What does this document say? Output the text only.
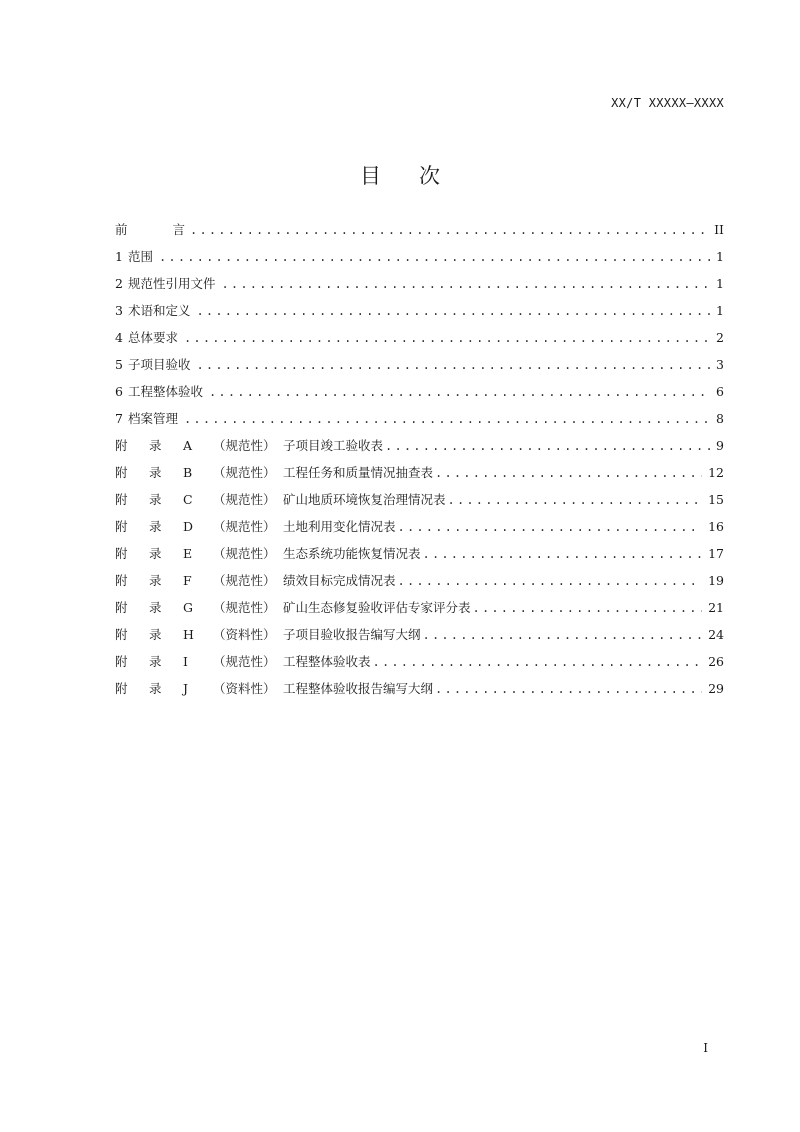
XX/T XXXXX—XXXX
目次
前言 .....	II
1 范围 .....	1
2 规范性引用文件 .....	1
3 术语和定义 .....	1
4 总体要求 .....	2
5 子项目验收 .....	3
6 工程整体验收 .....	6
7 档案管理 .....	8
附	录	A	（规范性） 子项目竣工验收表 .....	9
附	录	B	（规范性） 工程任务和质量情况抽查表 .....	12
附	录	C	（规范性） 矿山地质环境恢复治理情况表 .....	15
附	录	D	（规范性） 土地利用变化情况表 .....	16
附	录	E	（规范性） 生态系统功能恢复情况表 .....	17
附	录	F	（规范性） 绩效目标完成情况表 .....	19
附	录	G	（规范性） 矿山生态修复验收评估专家评分表 .....	21
附	录	H	（资料性） 子项目验收报告编写大纲 .....	24
附	录	I	（规范性） 工程整体验收表 .....	26
附	录	J	（资料性） 工程整体验收报告编写大纲 .....	29
I
